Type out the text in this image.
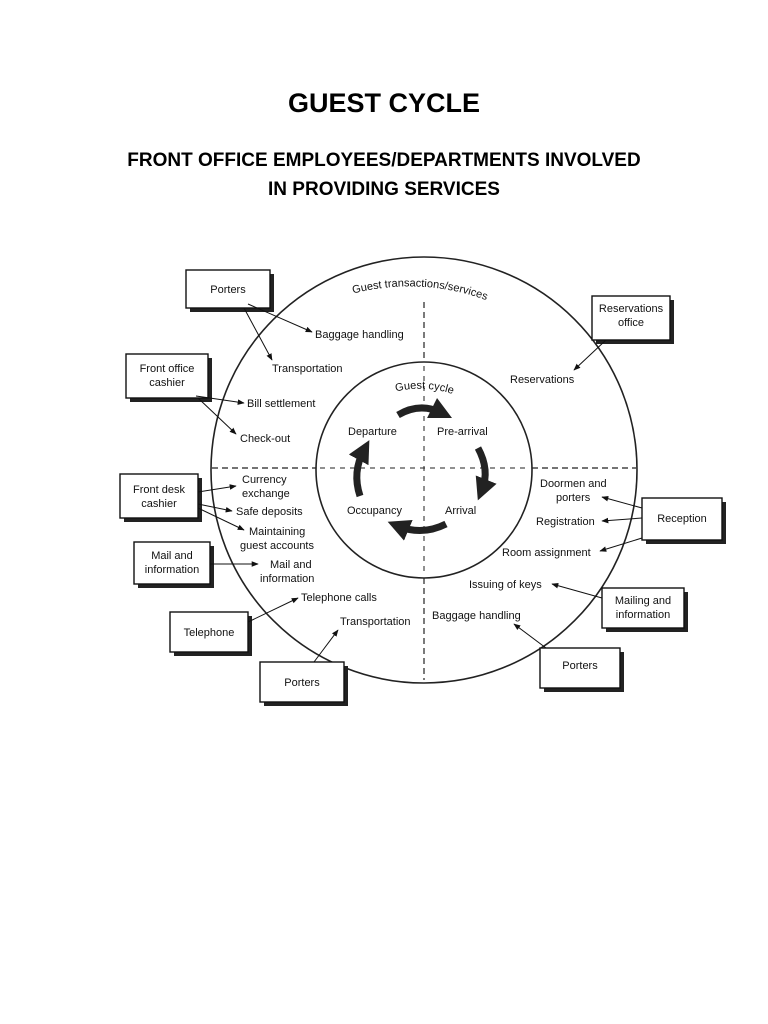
GUEST CYCLE
FRONT OFFICE EMPLOYEES/DEPARTMENTS INVOLVED
IN PROVIDING SERVICES
Guest transactions/services
Guest cycle
Departure	Pre-arrival
Occupancy	Arrival
Baggage handling
Transportation
Bill settlement
Check-out
Reservations
Currency
exchange
Safe deposits
Maintaining
guest accounts
Mail and
information
Telephone calls
Transportation
Doormen and
porters
Registration
Room assignment
Issuing of keys
Baggage handling
Porters
Front office
cashier
Front desk
cashier
Mail and
information
Telephone
Porters
Reservations
office
Reception
Mailing and
information
Porters
